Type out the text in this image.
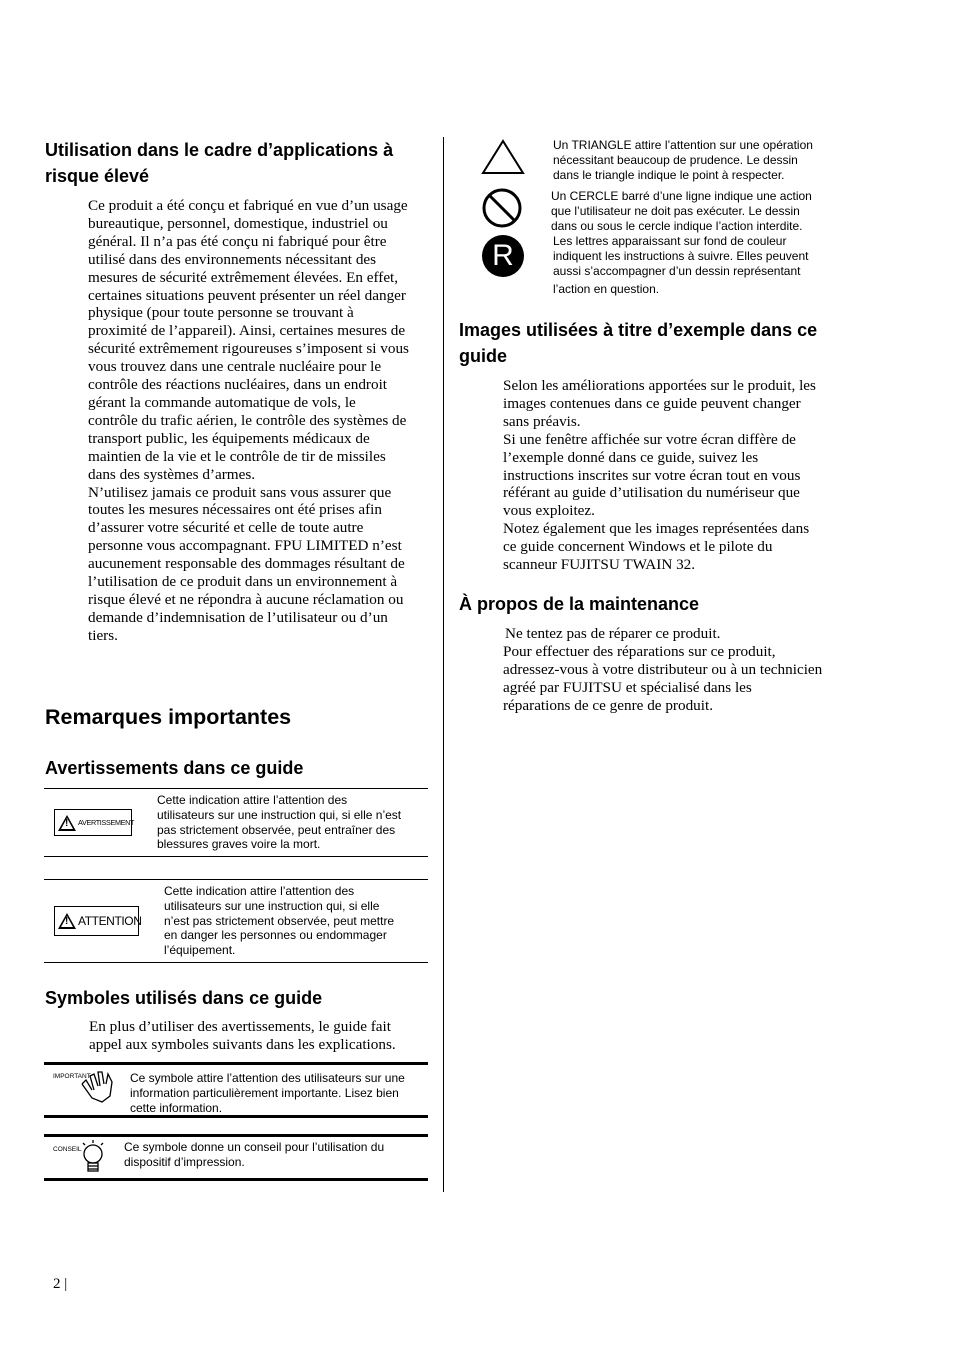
Utilisation dans le cadre d’applications à
risque élevé

Ce produit a été conçu et fabriqué en vue d’un usage
bureautique, personnel, domestique, industriel ou
général. Il n’a pas été conçu ni fabriqué pour être
utilisé dans des environnements nécessitant des
mesures de sécurité extrêmement élevées. En effet,
certaines situations peuvent présenter un réel danger
physique (pour toute personne se trouvant à
proximité de l’appareil). Ainsi, certaines mesures de
sécurité extrêmement rigoureuses s’imposent si vous
vous trouvez dans une centrale nucléaire pour le
contrôle des réactions nucléaires, dans un endroit
gérant la commande automatique de vols, le
contrôle du trafic aérien, le contrôle des systèmes de
transport public, les équipements médicaux de
maintien de la vie et le contrôle de tir de missiles
dans des systèmes d’armes.
N’utilisez jamais ce produit sans vous assurer que
toutes les mesures nécessaires ont été prises afin
d’assurer votre sécurité et celle de toute autre
personne vous accompagnant. FPU LIMITED n’est
aucunement responsable des dommages résultant de
l’utilisation de ce produit dans un environnement à
risque élevé et ne répondra à aucune réclamation ou
demande d’indemnisation de l’utilisateur ou d’un
tiers.

Remarques importantes
Avertissements dans ce guide
! AVERTISSEMENT

Cette indication attire l’attention des
utilisateurs sur une instruction qui, si elle n’est
pas strictement observée, peut entraîner des
blessures graves voire la mort.

! ATTENTION

Cette indication attire l’attention des
utilisateurs sur une instruction qui, si elle
n’est pas strictement observée, peut mettre
en danger les personnes ou endommager
l’équipement.

Symboles utilisés dans ce guide

En plus d’utiliser des avertissements, le guide fait
appel aux symboles suivants dans les explications.

IMPORTANT	Ce symbole attire l’attention des utilisateurs sur une
information particulièrement importante. Lisez bien
cette information.

CONSEIL	Ce symbole donne un conseil pour l’utilisation du
dispositif d’impression.

Un TRIANGLE attire l’attention sur une opération
nécessitant beaucoup de prudence. Le dessin
dans le triangle indique le point à respecter.

Un CERCLE barré d’une ligne indique une action
que l’utilisateur ne doit pas exécuter. Le dessin
dans ou sous le cercle indique l’action interdite.

R	Les lettres apparaissant sur fond de couleur
indiquent les instructions à suivre. Elles peuvent
aussi s’accompagner d’un dessin représentant

l’action en question.

Images utilisées à titre d’exemple dans ce
guide

Selon les améliorations apportées sur le produit, les
images contenues dans ce guide peuvent changer
sans préavis.
Si une fenêtre affichée sur votre écran diffère de
l’exemple donné dans ce guide, suivez les
instructions inscrites sur votre écran tout en vous
référant au guide d’utilisation du numériseur que
vous exploitez.
Notez également que les images représentées dans
ce guide concernent Windows et le pilote du
scanneur FUJITSU TWAIN 32.

À propos de la maintenance

Ne tentez pas de réparer ce produit.

Pour effectuer des réparations sur ce produit,
adressez-vous à votre distributeur ou à un technicien
agréé par FUJITSU et spécialisé dans les
réparations de ce genre de produit.

2 |
